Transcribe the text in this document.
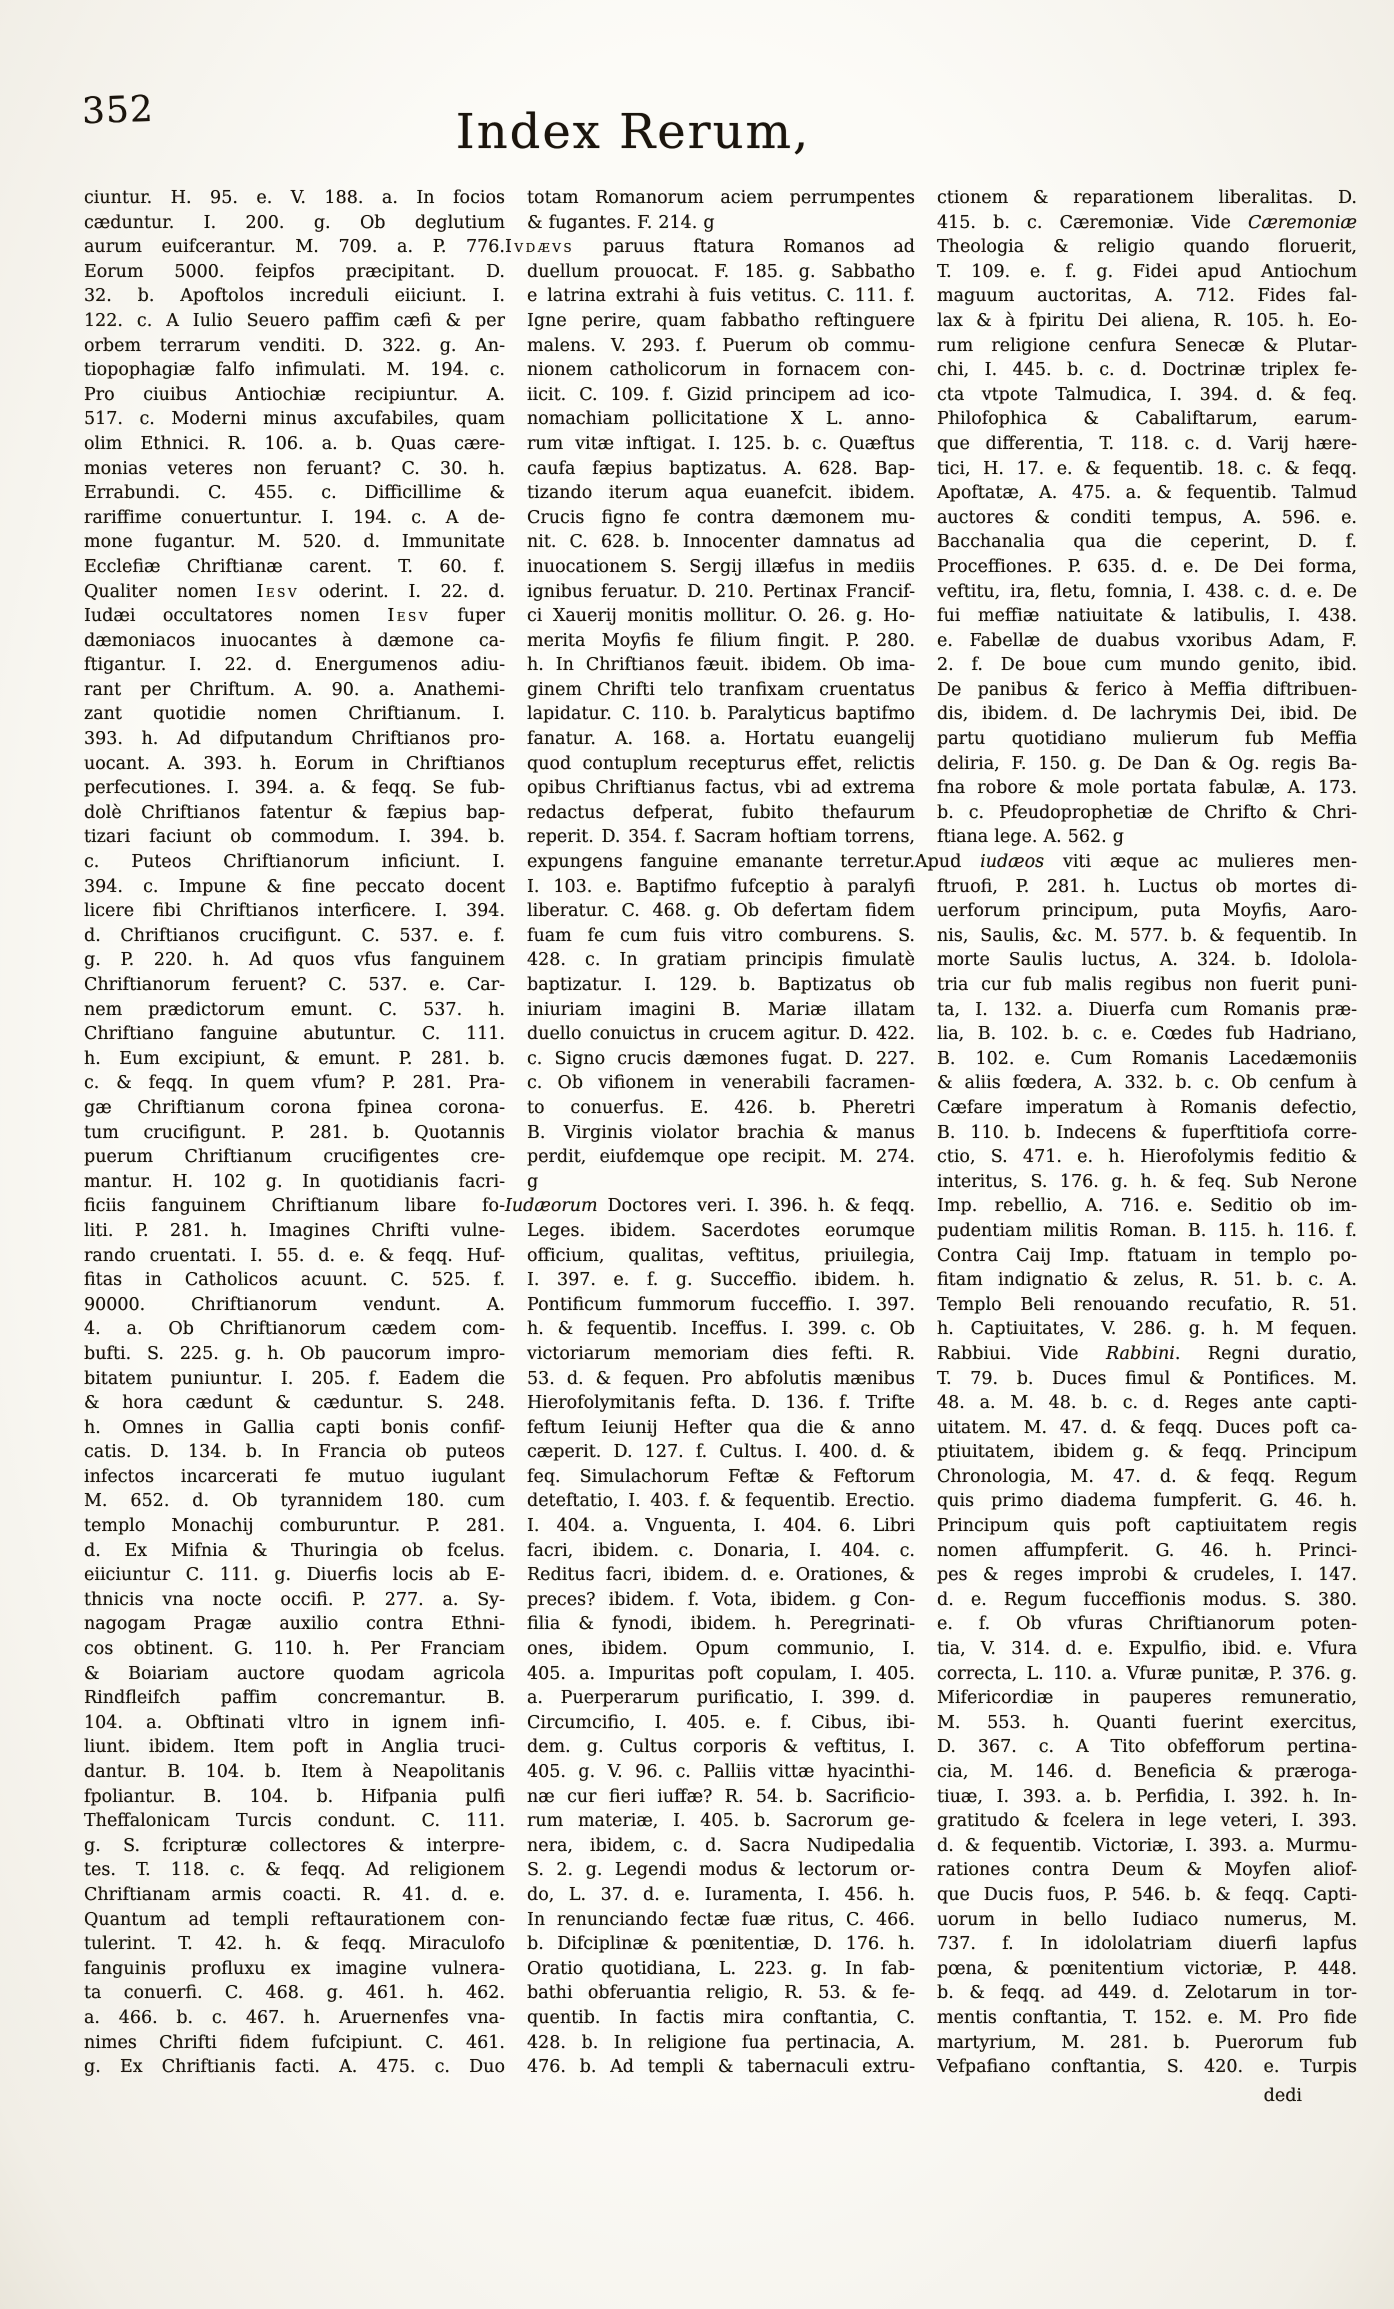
352	Index Rerum,
ciuntur. H. 95. e. V. 188. a. In focios
cæduntur. I. 200. g. Ob deglutium
aurum euifcerantur. M. 709. a. P. 776.
Eorum 5000. feipfos præcipitant. D.
32. b. Apoftolos increduli eiiciunt. I.
122. c. A Iulio Seuero paffim cæfi & per
orbem terrarum venditi. D. 322. g. An-
tiopophagiæ falfo infimulati. M. 194. c.
Pro ciuibus Antiochiæ recipiuntur. A.
517. c. Moderni minus axcufabiles, quam
olim Ethnici. R. 106. a. b. Quas cære-
monias veteres non feruant? C. 30. h.
Errabundi. C. 455. c. Difficillime &
rariffime conuertuntur. I. 194. c. A de-
mone fugantur. M. 520. d. Immunitate
Ecclefiæ Chriftianæ carent. T. 60. f.
Qualiter nomen Iesv oderint. I. 22. d.
Iudæi occultatores nomen Iesv fuper
dæmoniacos inuocantes à dæmone ca-
ftigantur. I. 22. d. Energumenos adiu-
rant per Chriftum. A. 90. a. Anathemi-
zant quotidie nomen Chriftianum. I.
393. h. Ad difputandum Chriftianos pro-
uocant. A. 393. h. Eorum in Chriftianos
perfecutiones. I. 394. a. & feqq. Se fub-
dolè Chriftianos fatentur & fæpius bap-
tizari faciunt ob commodum. I. 394. b.
c. Puteos Chriftianorum inficiunt. I.
394. c. Impune & fine peccato docent
licere fibi Chriftianos interficere. I. 394.
d. Chriftianos crucifigunt. C. 537. e. f.
g. P. 220. h. Ad quos vfus fanguinem
Chriftianorum feruent? C. 537. e. Car-
nem prædictorum emunt. C. 537. h.
Chriftiano fanguine abutuntur. C. 111.
h. Eum excipiunt, & emunt. P. 281. b.
c. & feqq. In quem vfum? P. 281. Pra-
gæ Chriftianum corona fpinea corona-
tum crucifigunt. P. 281. b. Quotannis
puerum Chriftianum crucifigentes cre-
mantur. H. 102 g. In quotidianis facri-
ficiis fanguinem Chriftianum libare fo-
liti. P. 281. h. Imagines Chrifti vulne-
rando cruentati. I. 55. d. e. & feqq. Huf-
fitas in Catholicos acuunt. C. 525. f.
90000. Chriftianorum vendunt. A.
4. a. Ob Chriftianorum cædem com-
bufti. S. 225. g. h. Ob paucorum impro-
bitatem puniuntur. I. 205. f. Eadem die
& hora cædunt & cæduntur. S. 248.
h. Omnes in Gallia capti bonis confif-
catis. D. 134. b. In Francia ob puteos
infectos incarcerati fe mutuo iugulant
M. 652. d. Ob tyrannidem 180. cum
templo Monachij comburuntur. P. 281.
d. Ex Mifnia & Thuringia ob fcelus.
eiiciuntur C. 111. g. Diuerfis locis ab E-
thnicis vna nocte occifi. P. 277. a. Sy-
nagogam Pragæ auxilio contra Ethni-
cos obtinent. G. 110. h. Per Franciam
& Boiariam auctore quodam agricola
Rindfleifch paffim concremantur. B.
104. a. Obftinati vltro in ignem infi-
liunt. ibidem. Item poft in Anglia truci-
dantur. B. 104. b. Item à Neapolitanis
fpoliantur. B. 104. b. Hifpania pulfi
Theffalonicam Turcis condunt. C. 111.
g. S. fcripturæ collectores & interpre-
tes. T. 118. c. & feqq. Ad religionem
Chriftianam armis coacti. R. 41. d. e.
Quantum ad templi reftaurationem con-
tulerint. T. 42. h. & feqq. Miraculofo
fanguinis profluxu ex imagine vulnera-
ta conuerfi. C. 468. g. 461. h. 462.
a. 466. b. c. 467. h. Aruernenfes vna-
nimes Chrifti fidem fufcipiunt. C. 461.
g. Ex Chriftianis facti. A. 475. c. Duo
totam Romanorum aciem perrumpentes
& fugantes. F. 214. g
Ivdævs paruus ftatura Romanos ad
duellum prouocat. F. 185. g. Sabbatho
e latrina extrahi à fuis vetitus. C. 111. f.
Igne perire, quam fabbatho reftinguere
malens. V. 293. f. Puerum ob commu-
nionem catholicorum in fornacem con-
iicit. C. 109. f. Gizid principem ad ico-
nomachiam pollicitatione X L. anno-
rum vitæ inftigat. I. 125. b. c. Quæftus
caufa fæpius baptizatus. A. 628. Bap-
tizando iterum aqua euanefcit. ibidem.
Crucis figno fe contra dæmonem mu-
nit. C. 628. b. Innocenter damnatus ad
inuocationem S. Sergij illæfus in mediis
ignibus feruatur. D. 210. Pertinax Francif-
ci Xauerij monitis mollitur. O. 26. g. Ho-
merita Moyfis fe filium fingit. P. 280.
h. In Chriftianos fæuit. ibidem. Ob ima-
ginem Chrifti telo tranfixam cruentatus
lapidatur. C. 110. b. Paralyticus baptifmo
fanatur. A. 168. a. Hortatu euangelij
quod contuplum recepturus effet, relictis
opibus Chriftianus factus, vbi ad extrema
redactus defperat, fubito thefaurum
reperit. D. 354. f. Sacram hoftiam torrens,
expungens fanguine emanante terretur.
I. 103. e. Baptifmo fufceptio à paralyfi
liberatur. C. 468. g. Ob defertam fidem
fuam fe cum fuis vitro comburens. S.
428. c. In gratiam principis fimulatè
baptizatur. I. 129. b. Baptizatus ob
iniuriam imagini B. Mariæ illatam
duello conuictus in crucem agitur. D. 422.
c. Signo crucis dæmones fugat. D. 227.
c. Ob vifionem in venerabili facramen-
to conuerfus. E. 426. b. Pheretri
B. Virginis violator brachia & manus
perdit, eiufdemque ope recipit. M. 274.
g
Iudæorum Doctores veri. I. 396. h. & feqq.
Leges. ibidem. Sacerdotes eorumque
officium, qualitas, veftitus, priuilegia,
I. 397. e. f. g. Succeffio. ibidem. h.
Pontificum fummorum fucceffio. I. 397.
h. & fequentib. Inceffus. I. 399. c. Ob
victoriarum memoriam dies fefti. R.
53. d. & fequen. Pro abfolutis mænibus
Hierofolymitanis fefta. D. 136. f. Trifte
feftum Ieiunij Hefter qua die & anno
cæperit. D. 127. f. Cultus. I. 400. d. &
feq. Simulachorum Feftæ & Feftorum
deteftatio, I. 403. f. & fequentib. Erectio.
I. 404. a. Vnguenta, I. 404. 6. Libri
facri, ibidem. c. Donaria, I. 404. c.
Reditus facri, ibidem. d. e. Orationes, &
preces? ibidem. f. Vota, ibidem. g Con-
filia & fynodi, ibidem. h. Peregrinati-
ones, ibidem. Opum communio, I.
405. a. Impuritas poft copulam, I. 405.
a. Puerperarum purificatio, I. 399. d.
Circumcifio, I. 405. e. f. Cibus, ibi-
dem. g. Cultus corporis & veftitus, I.
405. g. V. 96. c. Palliis vittæ hyacinthi-
næ cur fieri iuffæ? R. 54. b. Sacrificio-
rum materiæ, I. 405. b. Sacrorum ge-
nera, ibidem, c. d. Sacra Nudipedalia
S. 2. g. Legendi modus & lectorum or-
do, L. 37. d. e. Iuramenta, I. 456. h.
In renunciando fectæ fuæ ritus, C. 466.
b. Difciplinæ & pœnitentiæ, D. 176. h.
Oratio quotidiana, L. 223. g. In fab-
bathi obferuantia religio, R. 53. & fe-
quentib. In factis mira conftantia, C.
428. b. In religione fua pertinacia, A.
476. b. Ad templi & tabernaculi extru-
ctionem & reparationem liberalitas. D.
415. b. c. Cæremoniæ. Vide Cæremoniæ
Theologia & religio quando floruerit,
T. 109. e. f. g. Fidei apud Antiochum
maguum auctoritas, A. 712. Fides fal-
lax & à fpiritu Dei aliena, R. 105. h. Eo-
rum religione cenfura Senecæ & Plutar-
chi, I. 445. b. c. d. Doctrinæ triplex fe-
cta vtpote Talmudica, I. 394. d. & feq.
Philofophica & Cabaliftarum, earum-
que differentia, T. 118. c. d. Varij hære-
tici, H. 17. e. & fequentib. 18. c. & feqq.
Apoftatæ, A. 475. a. & fequentib. Talmud
auctores & conditi tempus, A. 596. e.
Bacchanalia qua die ceperint, D. f.
Proceffiones. P. 635. d. e. De Dei forma,
veftitu, ira, fletu, fomnia, I. 438. c. d. e. De
fui meffiæ natiuitate & latibulis, I. 438.
e. Fabellæ de duabus vxoribus Adam, F.
2. f. De boue cum mundo genito, ibid.
De panibus & ferico à Meffia diftribuen-
dis, ibidem. d. De lachrymis Dei, ibid. De
partu quotidiano mulierum fub Meffia
deliria, F. 150. g. De Dan & Og. regis Ba-
fna robore & mole portata fabulæ, A. 173.
b. c. Pfeudoprophetiæ de Chrifto & Chri-
ftiana lege. A. 562. g
Apud iudæos viti æque ac mulieres men-
ftruofi, P. 281. h. Luctus ob mortes di-
uerforum principum, puta Moyfis, Aaro-
nis, Saulis, &c. M. 577. b. & fequentib. In
morte Saulis luctus, A. 324. b. Idolola-
tria cur fub malis regibus non fuerit puni-
ta, I. 132. a. Diuerfa cum Romanis præ-
lia, B. 102. b. c. e. Cœdes fub Hadriano,
B. 102. e. Cum Romanis Lacedæmoniis
& aliis fœdera, A. 332. b. c. Ob cenfum à
Cæfare imperatum à Romanis defectio,
B. 110. b. Indecens & fuperftitiofa corre-
ctio, S. 471. e. h. Hierofolymis feditio &
interitus, S. 176. g. h. & feq. Sub Nerone
Imp. rebellio, A. 716. e. Seditio ob im-
pudentiam militis Roman. B. 115. h. 116. f.
Contra Caij Imp. ftatuam in templo po-
fitam indignatio & zelus, R. 51. b. c. A.
Templo Beli renouando recufatio, R. 51.
h. Captiuitates, V. 286. g. h. M fequen.
Rabbiui. Vide Rabbini. Regni duratio,
T. 79. b. Duces fimul & Pontifices. M.
48. a. M. 48. b. c. d. Reges ante capti-
uitatem. M. 47. d. & feqq. Duces poft ca-
ptiuitatem, ibidem g. & feqq. Principum
Chronologia, M. 47. d. & feqq. Regum
quis primo diadema fumpferit. G. 46. h.
Principum quis poft captiuitatem regis
nomen affumpferit. G. 46. h. Princi-
pes & reges improbi & crudeles, I. 147.
d. e. Regum fucceffionis modus. S. 380.
e. f. Ob vfuras Chriftianorum poten-
tia, V. 314. d. e. Expulfio, ibid. e. Vfura
correcta, L. 110. a. Vfuræ punitæ, P. 376. g.
Mifericordiæ in pauperes remuneratio,
M. 553. h. Quanti fuerint exercitus,
D. 367. c. A Tito obfefforum pertina-
cia, M. 146. d. Beneficia & præroga-
tiuæ, I. 393. a. b. Perfidia, I. 392. h. In-
gratitudo & fcelera in lege veteri, I. 393.
d. & fequentib. Victoriæ, I. 393. a. Murmu-
rationes contra Deum & Moyfen aliof-
que Ducis fuos, P. 546. b. & feqq. Capti-
uorum in bello Iudiaco numerus, M.
737. f. In idololatriam diuerfi lapfus
pœna, & pœnitentium victoriæ, P. 448.
b. & feqq. ad 449. d. Zelotarum in tor-
mentis conftantia, T. 152. e. M. Pro fide
martyrium, M. 281. b. Puerorum fub
Vefpafiano conftantia, S. 420. e. Turpis
dedi
